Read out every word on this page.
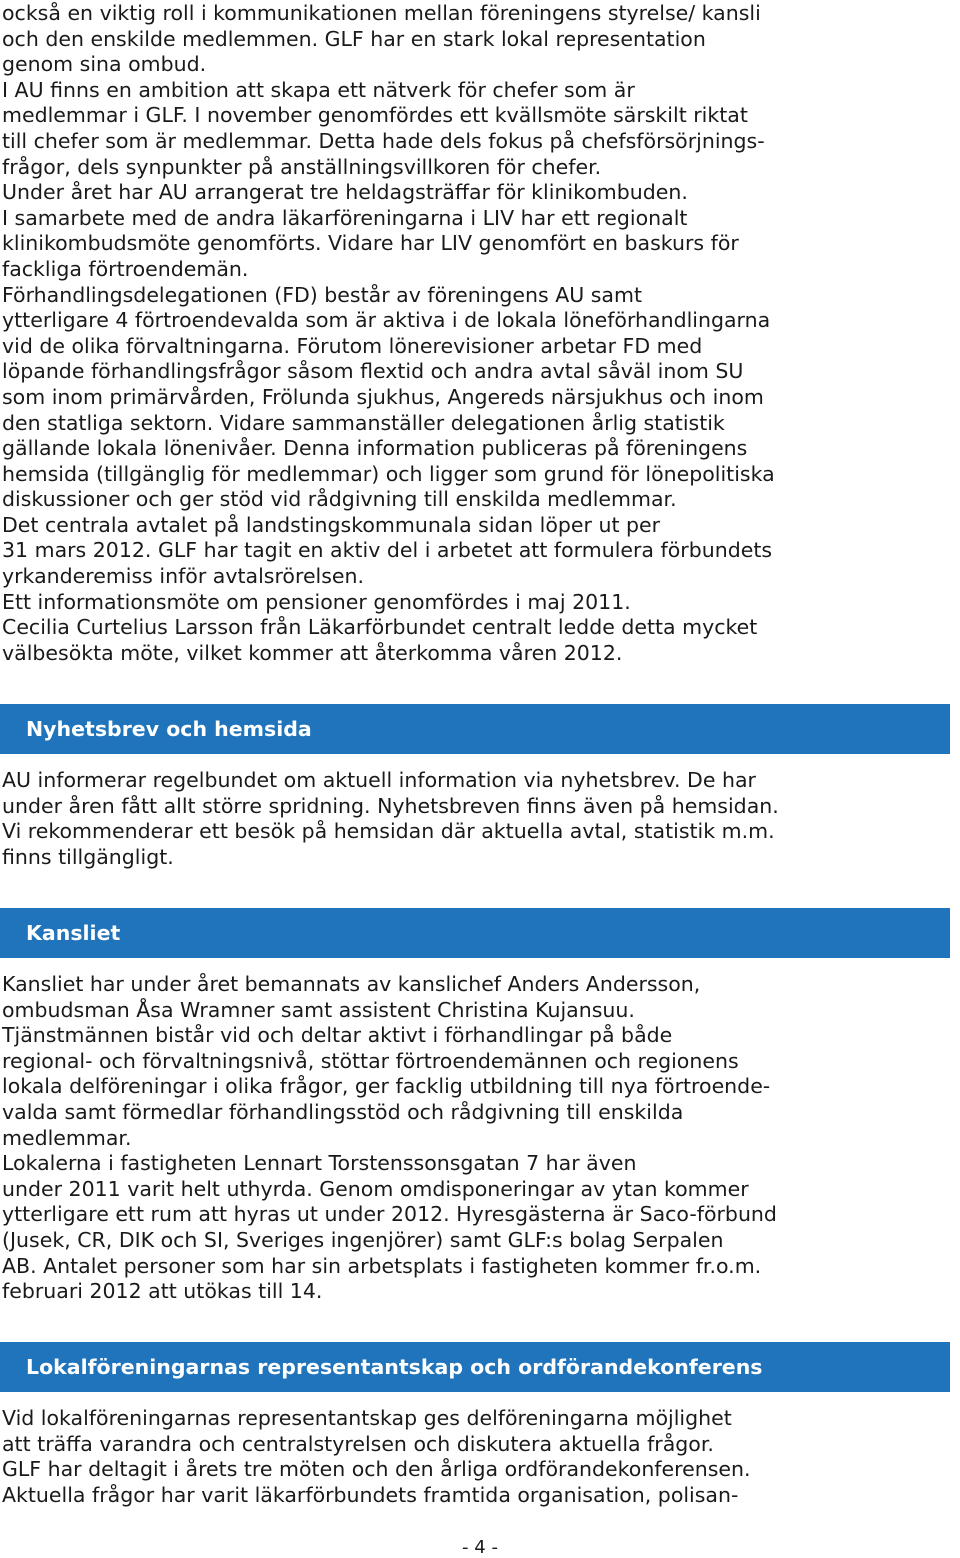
också en viktig roll i kommunikationen mellan föreningens styrelse/ kansli
och den enskilde medlemmen. GLF har en stark lokal representation
genom sina ombud.
I AU finns en ambition att skapa ett nätverk för chefer som är
medlemmar i GLF. I november genomfördes ett kvällsmöte särskilt riktat
till chefer som är medlemmar. Detta hade dels fokus på chefsförsörjnings-
frågor, dels synpunkter på anställningsvillkoren för chefer.
Under året har AU arrangerat tre heldagsträffar för klinikombuden.
I samarbete med de andra läkarföreningarna i LIV har ett regionalt
klinikombudsmöte genomförts. Vidare har LIV genomfört en baskurs för
fackliga förtroendemän.
Förhandlingsdelegationen (FD) består av föreningens AU samt
ytterligare 4 förtroendevalda som är aktiva i de lokala löneförhandlingarna
vid de olika förvaltningarna. Förutom lönerevisioner arbetar FD med
löpande förhandlingsfrågor såsom flextid och andra avtal såväl inom SU
som inom primärvården, Frölunda sjukhus, Angereds närsjukhus och inom
den statliga sektorn. Vidare sammanställer delegationen årlig statistik
gällande lokala lönenivåer. Denna information publiceras på föreningens
hemsida (tillgänglig för medlemmar) och ligger som grund för lönepolitiska
diskussioner och ger stöd vid rådgivning till enskilda medlemmar.
Det centrala avtalet på landstingskommunala sidan löper ut per
31 mars 2012. GLF har tagit en aktiv del i arbetet att formulera förbundets
yrkanderemiss inför avtalsrörelsen.
Ett informationsmöte om pensioner genomfördes i maj 2011.
Cecilia Curtelius Larsson från Läkarförbundet centralt ledde detta mycket
välbesökta möte, vilket kommer att återkomma våren 2012.
Nyhetsbrev och hemsida
AU informerar regelbundet om aktuell information via nyhetsbrev. De har
under åren fått allt större spridning. Nyhetsbreven finns även på hemsidan.
Vi rekommenderar ett besök på hemsidan där aktuella avtal, statistik m.m.
finns tillgängligt.
Kansliet
Kansliet har under året bemannats av kanslichef Anders Andersson,
ombudsman Åsa Wramner samt assistent Christina Kujansuu.
Tjänstmännen bistår vid och deltar aktivt i förhandlingar på både
regional- och förvaltningsnivå, stöttar förtroendemännen och regionens
lokala delföreningar i olika frågor, ger facklig utbildning till nya förtroende-
valda samt förmedlar förhandlingsstöd och rådgivning till enskilda
medlemmar.
Lokalerna i fastigheten Lennart Torstenssonsgatan 7 har även
under 2011 varit helt uthyrda. Genom omdisponeringar av ytan kommer
ytterligare ett rum att hyras ut under 2012. Hyresgästerna är Saco-förbund
(Jusek, CR, DIK och SI, Sveriges ingenjörer) samt GLF:s bolag Serpalen
AB. Antalet personer som har sin arbetsplats i fastigheten kommer fr.o.m.
februari 2012 att utökas till 14.
Lokalföreningarnas representantskap och ordförandekonferens
Vid lokalföreningarnas representantskap ges delföreningarna möjlighet
att träffa varandra och centralstyrelsen och diskutera aktuella frågor.
GLF har deltagit i årets tre möten och den årliga ordförandekonferensen.
Aktuella frågor har varit läkarförbundets framtida organisation, polisan-
- 4 -
